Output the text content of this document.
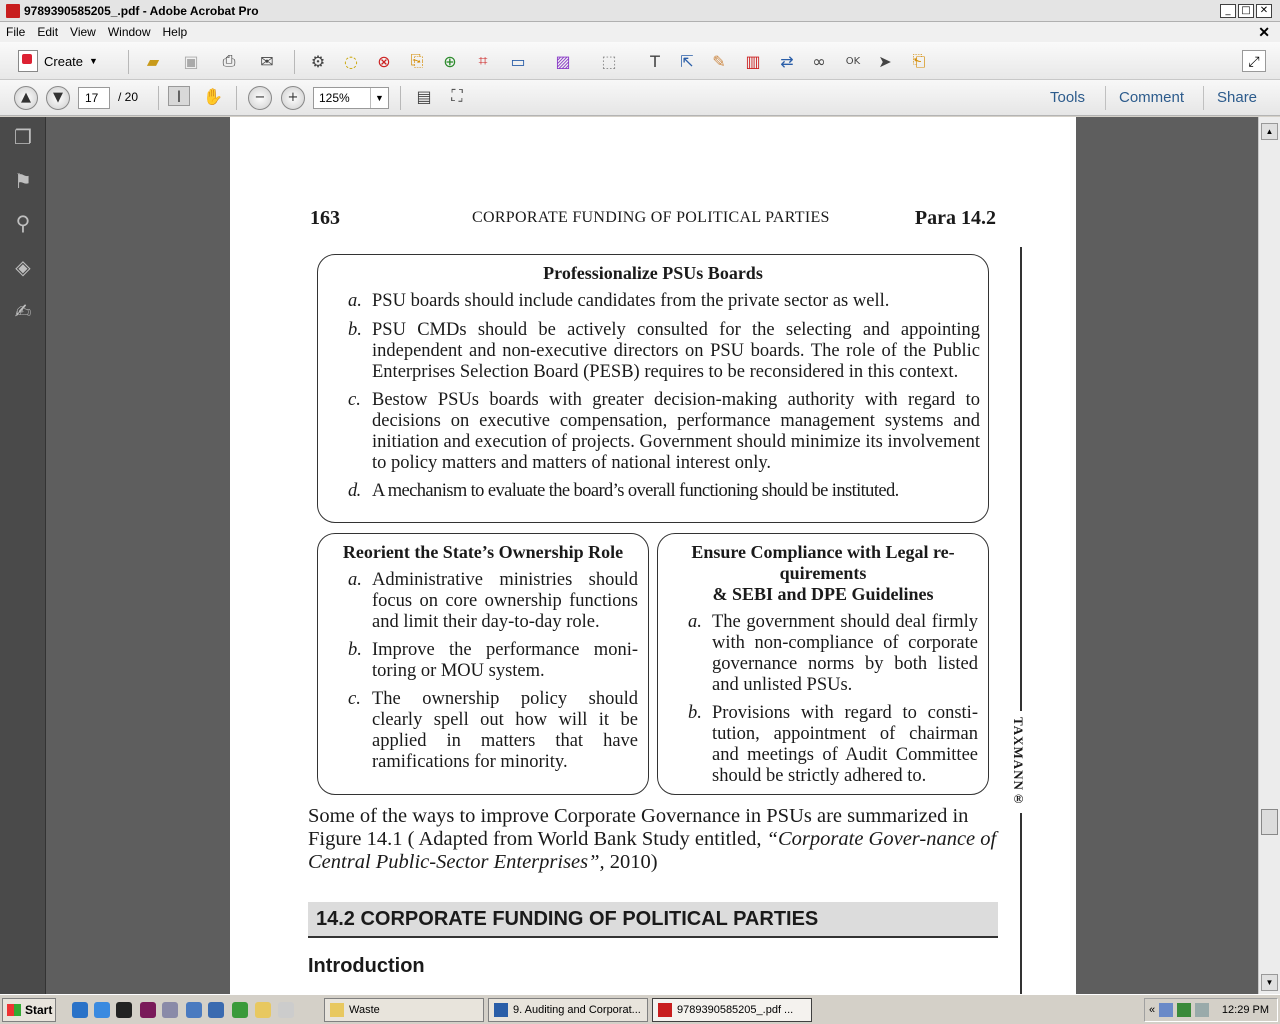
9789390585205_.pdf - Adobe Acrobat Pro	_	□ ✕
File Edit View Window Help	✕
Create ▼	▰	▣ ⎙ ✉ ⚙ ◌ ⊗ ⎘ ⊕	⌗	▭ ▨ ⬚	T	⇱ ✎ ▥ ⇄ ∞	OK ➤ ⎗	⤢
▲	▼	17	/ 20	I	✋	−	+	125%	▼ ▤	⛶	Tools Comment Share
❐
⚑
⚲
◈
✍
163	CORPORATE FUNDING OF POLITICAL PARTIES	Para 14.2
Professionalize PSUs Boards
a. PSU boards should include candidates from the private sector as well.
b. PSU CMDs should be actively consulted for the selecting and appointing independent and non-executive directors on PSU boards. The role of the Public Enterprises Selection Board (PESB) requires to be reconsidered in this context.
c. Bestow PSUs boards with greater decision-making authority with regard to decisions on executive compensation, performance management systems and initiation and execution of projects. Government should minimize its involvement to policy matters and matters of national interest only.
d. A mechanism to evaluate the board’s overall functioning should be instituted.
Reorient the State’s Ownership Role
a. Administrative ministries should focus on core ownership functions and limit their day-to-day role.
b. Improve the performance moni-toring or MOU system.
c. The ownership policy should clearly spell out how will it be applied in matters that have ramifications for minority.
Ensure Compliance with Legal re-
quirements
& SEBI and DPE Guidelines
a. The government should deal firmly with non-compliance of corporate governance norms by both listed and unlisted PSUs.
b. Provisions with regard to consti-tution, appointment of chairman and meetings of Audit Committee should be strictly adhered to.	TAXMANN®
Some of the ways to improve Corporate Governance in PSUs are summarized in Figure 14.1 ( Adapted from World Bank Study entitled, “Corporate Gover-nance of Central Public-Sector Enterprises”, 2010)
14.2 CORPORATE FUNDING OF POLITICAL PARTIES
Introduction
▲
▼
Start	Waste	9. Auditing and Corporat...	9789390585205_.pdf ...	«	12:29 PM
